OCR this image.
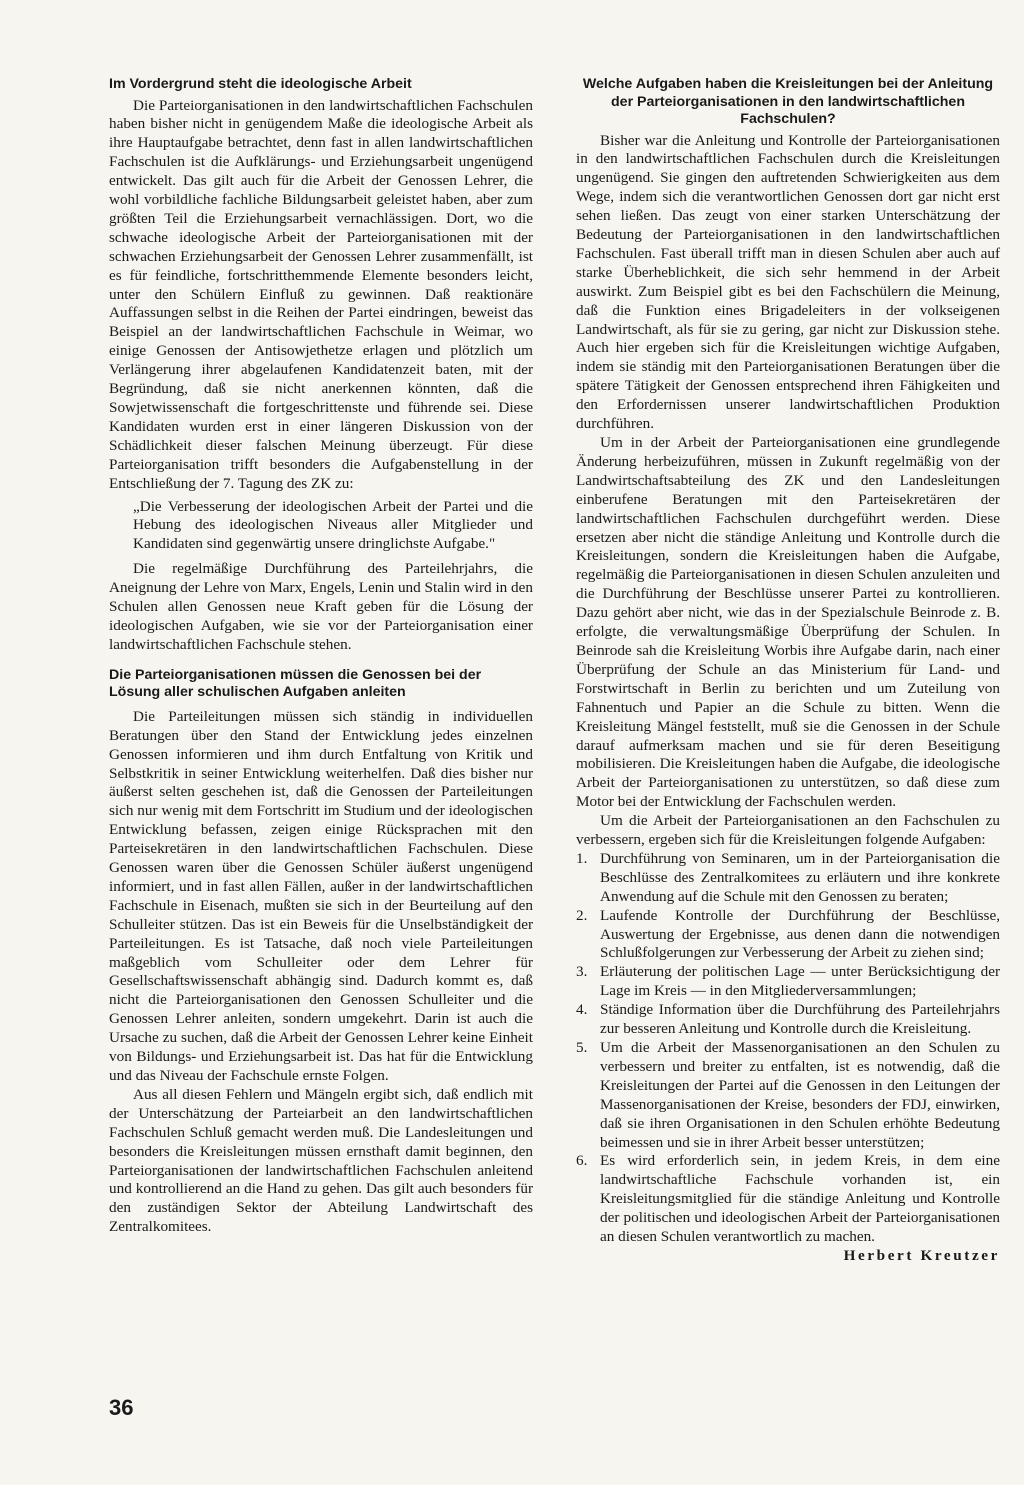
Im Vordergrund steht die ideologische Arbeit

Die Parteiorganisationen in den landwirtschaftlichen Fachschulen haben bisher nicht in genügendem Maße die ideologische Arbeit als ihre Hauptaufgabe betrachtet, denn fast in allen landwirtschaftlichen Fachschulen ist die Aufklärungs- und Erziehungsarbeit ungenügend entwickelt. Das gilt auch für die Arbeit der Genossen Lehrer, die wohl vorbildliche fachliche Bildungsarbeit geleistet haben, aber zum größten Teil die Erziehungsarbeit vernachlässigen. Dort, wo die schwache ideologische Arbeit der Parteiorganisationen mit der schwachen Erziehungsarbeit der Genossen Lehrer zusammenfällt, ist es für feindliche, fortschritthemmende Elemente besonders leicht, unter den Schülern Einfluß zu gewinnen. Daß reaktionäre Auffassungen selbst in die Reihen der Partei eindringen, beweist das Beispiel an der landwirtschaftlichen Fachschule in Weimar, wo einige Genossen der Antisowjethetze erlagen und plötzlich um Verlängerung ihrer abgelaufenen Kandidatenzeit baten, mit der Begründung, daß sie nicht anerkennen könnten, daß die Sowjetwissenschaft die fortgeschrittenste und führende sei. Diese Kandidaten wurden erst in einer längeren Diskussion von der Schädlichkeit dieser falschen Meinung überzeugt. Für diese Parteiorganisation trifft besonders die Aufgabenstellung in der Entschließung der 7. Tagung des ZK zu:

„Die Verbesserung der ideologischen Arbeit der Partei und die Hebung des ideologischen Niveaus aller Mitglieder und Kandidaten sind gegenwärtig unsere dringlichste Aufgabe."

Die regelmäßige Durchführung des Parteilehrjahrs, die Aneignung der Lehre von Marx, Engels, Lenin und Stalin wird in den Schulen allen Genossen neue Kraft geben für die Lösung der ideologischen Aufgaben, wie sie vor der Parteiorganisation einer landwirtschaftlichen Fachschule stehen.

Die Parteiorganisationen müssen die Genossen bei der Lösung aller schulischen Aufgaben anleiten

Die Parteileitungen müssen sich ständig in individuellen Beratungen über den Stand der Entwicklung jedes einzelnen Genossen informieren und ihm durch Entfaltung von Kritik und Selbstkritik in seiner Entwicklung weiterhelfen. Daß dies bisher nur äußerst selten geschehen ist, daß die Genossen der Parteileitungen sich nur wenig mit dem Fortschritt im Studium und der ideologischen Entwicklung befassen, zeigen einige Rücksprachen mit den Parteisekretären in den landwirtschaftlichen Fachschulen. Diese Genossen waren über die Genossen Schüler äußerst ungenügend informiert, und in fast allen Fällen, außer in der landwirtschaftlichen Fachschule in Eisenach, mußten sie sich in der Beurteilung auf den Schulleiter stützen. Das ist ein Beweis für die Unselbständigkeit der Parteileitungen. Es ist Tatsache, daß noch viele Parteileitungen maßgeblich vom Schulleiter oder dem Lehrer für Gesellschaftswissenschaft abhängig sind. Dadurch kommt es, daß nicht die Parteiorganisationen den Genossen Schulleiter und die Genossen Lehrer anleiten, sondern umgekehrt. Darin ist auch die Ursache zu suchen, daß die Arbeit der Genossen Lehrer keine Einheit von Bildungs- und Erziehungsarbeit ist. Das hat für die Entwicklung und das Niveau der Fachschule ernste Folgen.

Aus all diesen Fehlern und Mängeln ergibt sich, daß endlich mit der Unterschätzung der Parteiarbeit an den landwirtschaftlichen Fachschulen Schluß gemacht werden muß. Die Landesleitungen und besonders die Kreisleitungen müssen ernsthaft damit beginnen, den Parteiorganisationen der landwirtschaftlichen Fachschulen anleitend und kontrollierend an die Hand zu gehen. Das gilt auch besonders für den zuständigen Sektor der Abteilung Landwirtschaft des Zentralkomitees.

Welche Aufgaben haben die Kreisleitungen bei der Anleitung der Parteiorganisationen in den landwirtschaftlichen Fachschulen?

Bisher war die Anleitung und Kontrolle der Parteiorganisationen in den landwirtschaftlichen Fachschulen durch die Kreisleitungen ungenügend. Sie gingen den auftretenden Schwierigkeiten aus dem Wege, indem sich die verantwortlichen Genossen dort gar nicht erst sehen ließen. Das zeugt von einer starken Unterschätzung der Bedeutung der Parteiorganisationen in den landwirtschaftlichen Fachschulen. Fast überall trifft man in diesen Schulen aber auch auf starke Überheblichkeit, die sich sehr hemmend in der Arbeit auswirkt. Zum Beispiel gibt es bei den Fachschülern die Meinung, daß die Funktion eines Brigadeleiters in der volkseigenen Landwirtschaft, als für sie zu gering, gar nicht zur Diskussion stehe. Auch hier ergeben sich für die Kreisleitungen wichtige Aufgaben, indem sie ständig mit den Parteiorganisationen Beratungen über die spätere Tätigkeit der Genossen entsprechend ihren Fähigkeiten und den Erfordernissen unserer landwirtschaftlichen Produktion durchführen.

Um in der Arbeit der Parteiorganisationen eine grundlegende Änderung herbeizuführen, müssen in Zukunft regelmäßig von der Landwirtschaftsabteilung des ZK und den Landesleitungen einberufene Beratungen mit den Parteisekretären der landwirtschaftlichen Fachschulen durchgeführt werden. Diese ersetzen aber nicht die ständige Anleitung und Kontrolle durch die Kreisleitungen, sondern die Kreisleitungen haben die Aufgabe, regelmäßig die Parteiorganisationen in diesen Schulen anzuleiten und die Durchführung der Beschlüsse unserer Partei zu kontrollieren. Dazu gehört aber nicht, wie das in der Spezialschule Beinrode z. B. erfolgte, die verwaltungsmäßige Überprüfung der Schulen. In Beinrode sah die Kreisleitung Worbis ihre Aufgabe darin, nach einer Überprüfung der Schule an das Ministerium für Land- und Forstwirtschaft in Berlin zu berichten und um Zuteilung von Fahnentuch und Papier an die Schule zu bitten. Wenn die Kreisleitung Mängel feststellt, muß sie die Genossen in der Schule darauf aufmerksam machen und sie für deren Beseitigung mobilisieren. Die Kreisleitungen haben die Aufgabe, die ideologische Arbeit der Parteiorganisationen zu unterstützen, so daß diese zum Motor bei der Entwicklung der Fachschulen werden.

Um die Arbeit der Parteiorganisationen an den Fachschulen zu verbessern, ergeben sich für die Kreisleitungen folgende Aufgaben:

1. Durchführung von Seminaren, um in der Parteiorganisation die Beschlüsse des Zentralkomitees zu erläutern und ihre konkrete Anwendung auf die Schule mit den Genossen zu beraten;
2. Laufende Kontrolle der Durchführung der Beschlüsse, Auswertung der Ergebnisse, aus denen dann die notwendigen Schlußfolgerungen zur Verbesserung der Arbeit zu ziehen sind;
3. Erläuterung der politischen Lage — unter Berücksichtigung der Lage im Kreis — in den Mitgliederversammlungen;
4. Ständige Information über die Durchführung des Parteilehrjahrs zur besseren Anleitung und Kontrolle durch die Kreisleitung.
5. Um die Arbeit der Massenorganisationen an den Schulen zu verbessern und breiter zu entfalten, ist es notwendig, daß die Kreisleitungen der Partei auf die Genossen in den Leitungen der Massenorganisationen der Kreise, besonders der FDJ, einwirken, daß sie ihren Organisationen in den Schulen erhöhte Bedeutung beimessen und sie in ihrer Arbeit besser unterstützen;
6. Es wird erforderlich sein, in jedem Kreis, in dem eine landwirtschaftliche Fachschule vorhanden ist, ein Kreisleitungsmitglied für die ständige Anleitung und Kontrolle der politischen und ideologischen Arbeit der Parteiorganisationen an diesen Schulen verantwortlich zu machen.
Herbert Kreutzer
36
